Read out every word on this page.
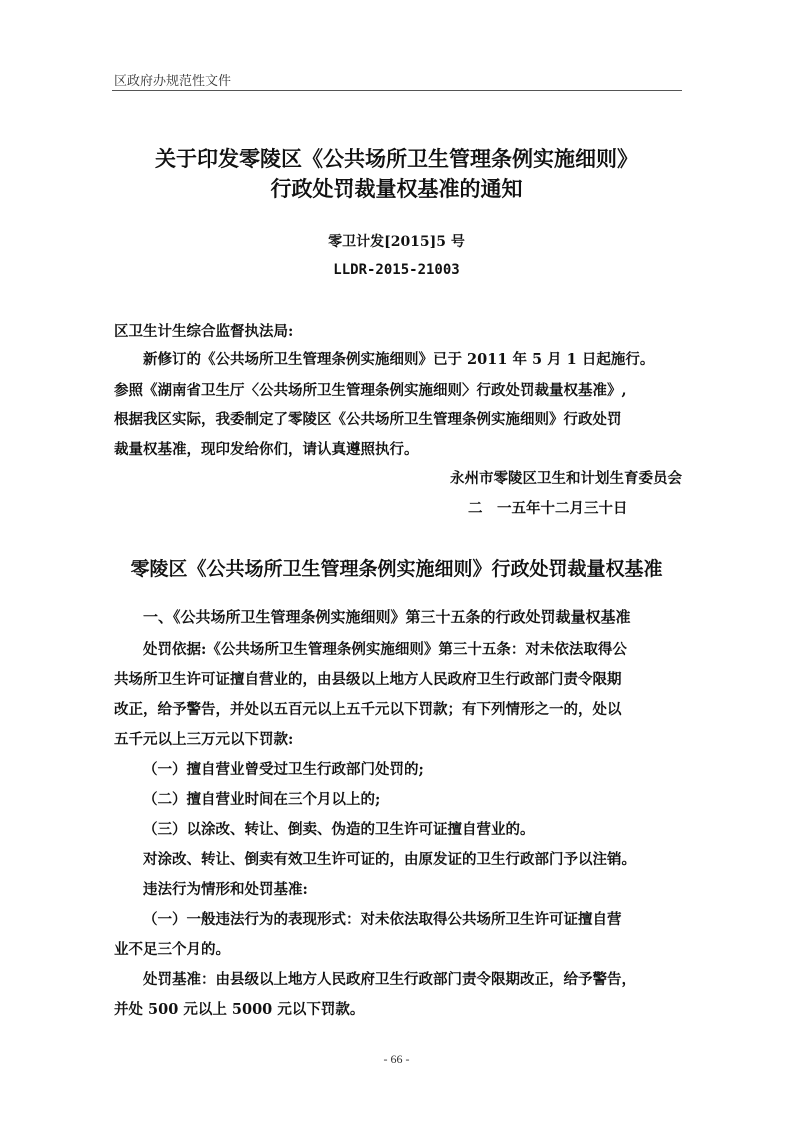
区政府办规范性文件
关于印发零陵区《公共场所卫生管理条例实施细则》
行政处罚裁量权基准的通知
零卫计发[2015]5 号
LLDR-2015-21003
区卫生计生综合监督执法局:
新修订的《公共场所卫生管理条例实施细则》已于 2011 年 5 月 1 日起施行。
参照《湖南省卫生厅〈公共场所卫生管理条例实施细则〉行政处罚裁量权基准》,
根据我区实际，我委制定了零陵区《公共场所卫生管理条例实施细则》行政处罚
裁量权基准，现印发给你们，请认真遵照执行。
永州市零陵区卫生和计划生育委员会
二　一五年十二月三十日
零陵区《公共场所卫生管理条例实施细则》行政处罚裁量权基准
一、《公共场所卫生管理条例实施细则》第三十五条的行政处罚裁量权基准
处罚依据:《公共场所卫生管理条例实施细则》第三十五条：对未依法取得公
共场所卫生许可证擅自营业的，由县级以上地方人民政府卫生行政部门责令限期
改正，给予警告，并处以五百元以上五千元以下罚款；有下列情形之一的，处以
五千元以上三万元以下罚款:
（一）擅自营业曾受过卫生行政部门处罚的;
（二）擅自营业时间在三个月以上的;
（三）以涂改、转让、倒卖、伪造的卫生许可证擅自营业的。
对涂改、转让、倒卖有效卫生许可证的，由原发证的卫生行政部门予以注销。
违法行为情形和处罚基准:
（一）一般违法行为的表现形式：对未依法取得公共场所卫生许可证擅自营
业不足三个月的。
处罚基准：由县级以上地方人民政府卫生行政部门责令限期改正，给予警告，
并处 500 元以上 5000 元以下罚款。
- 66 -
